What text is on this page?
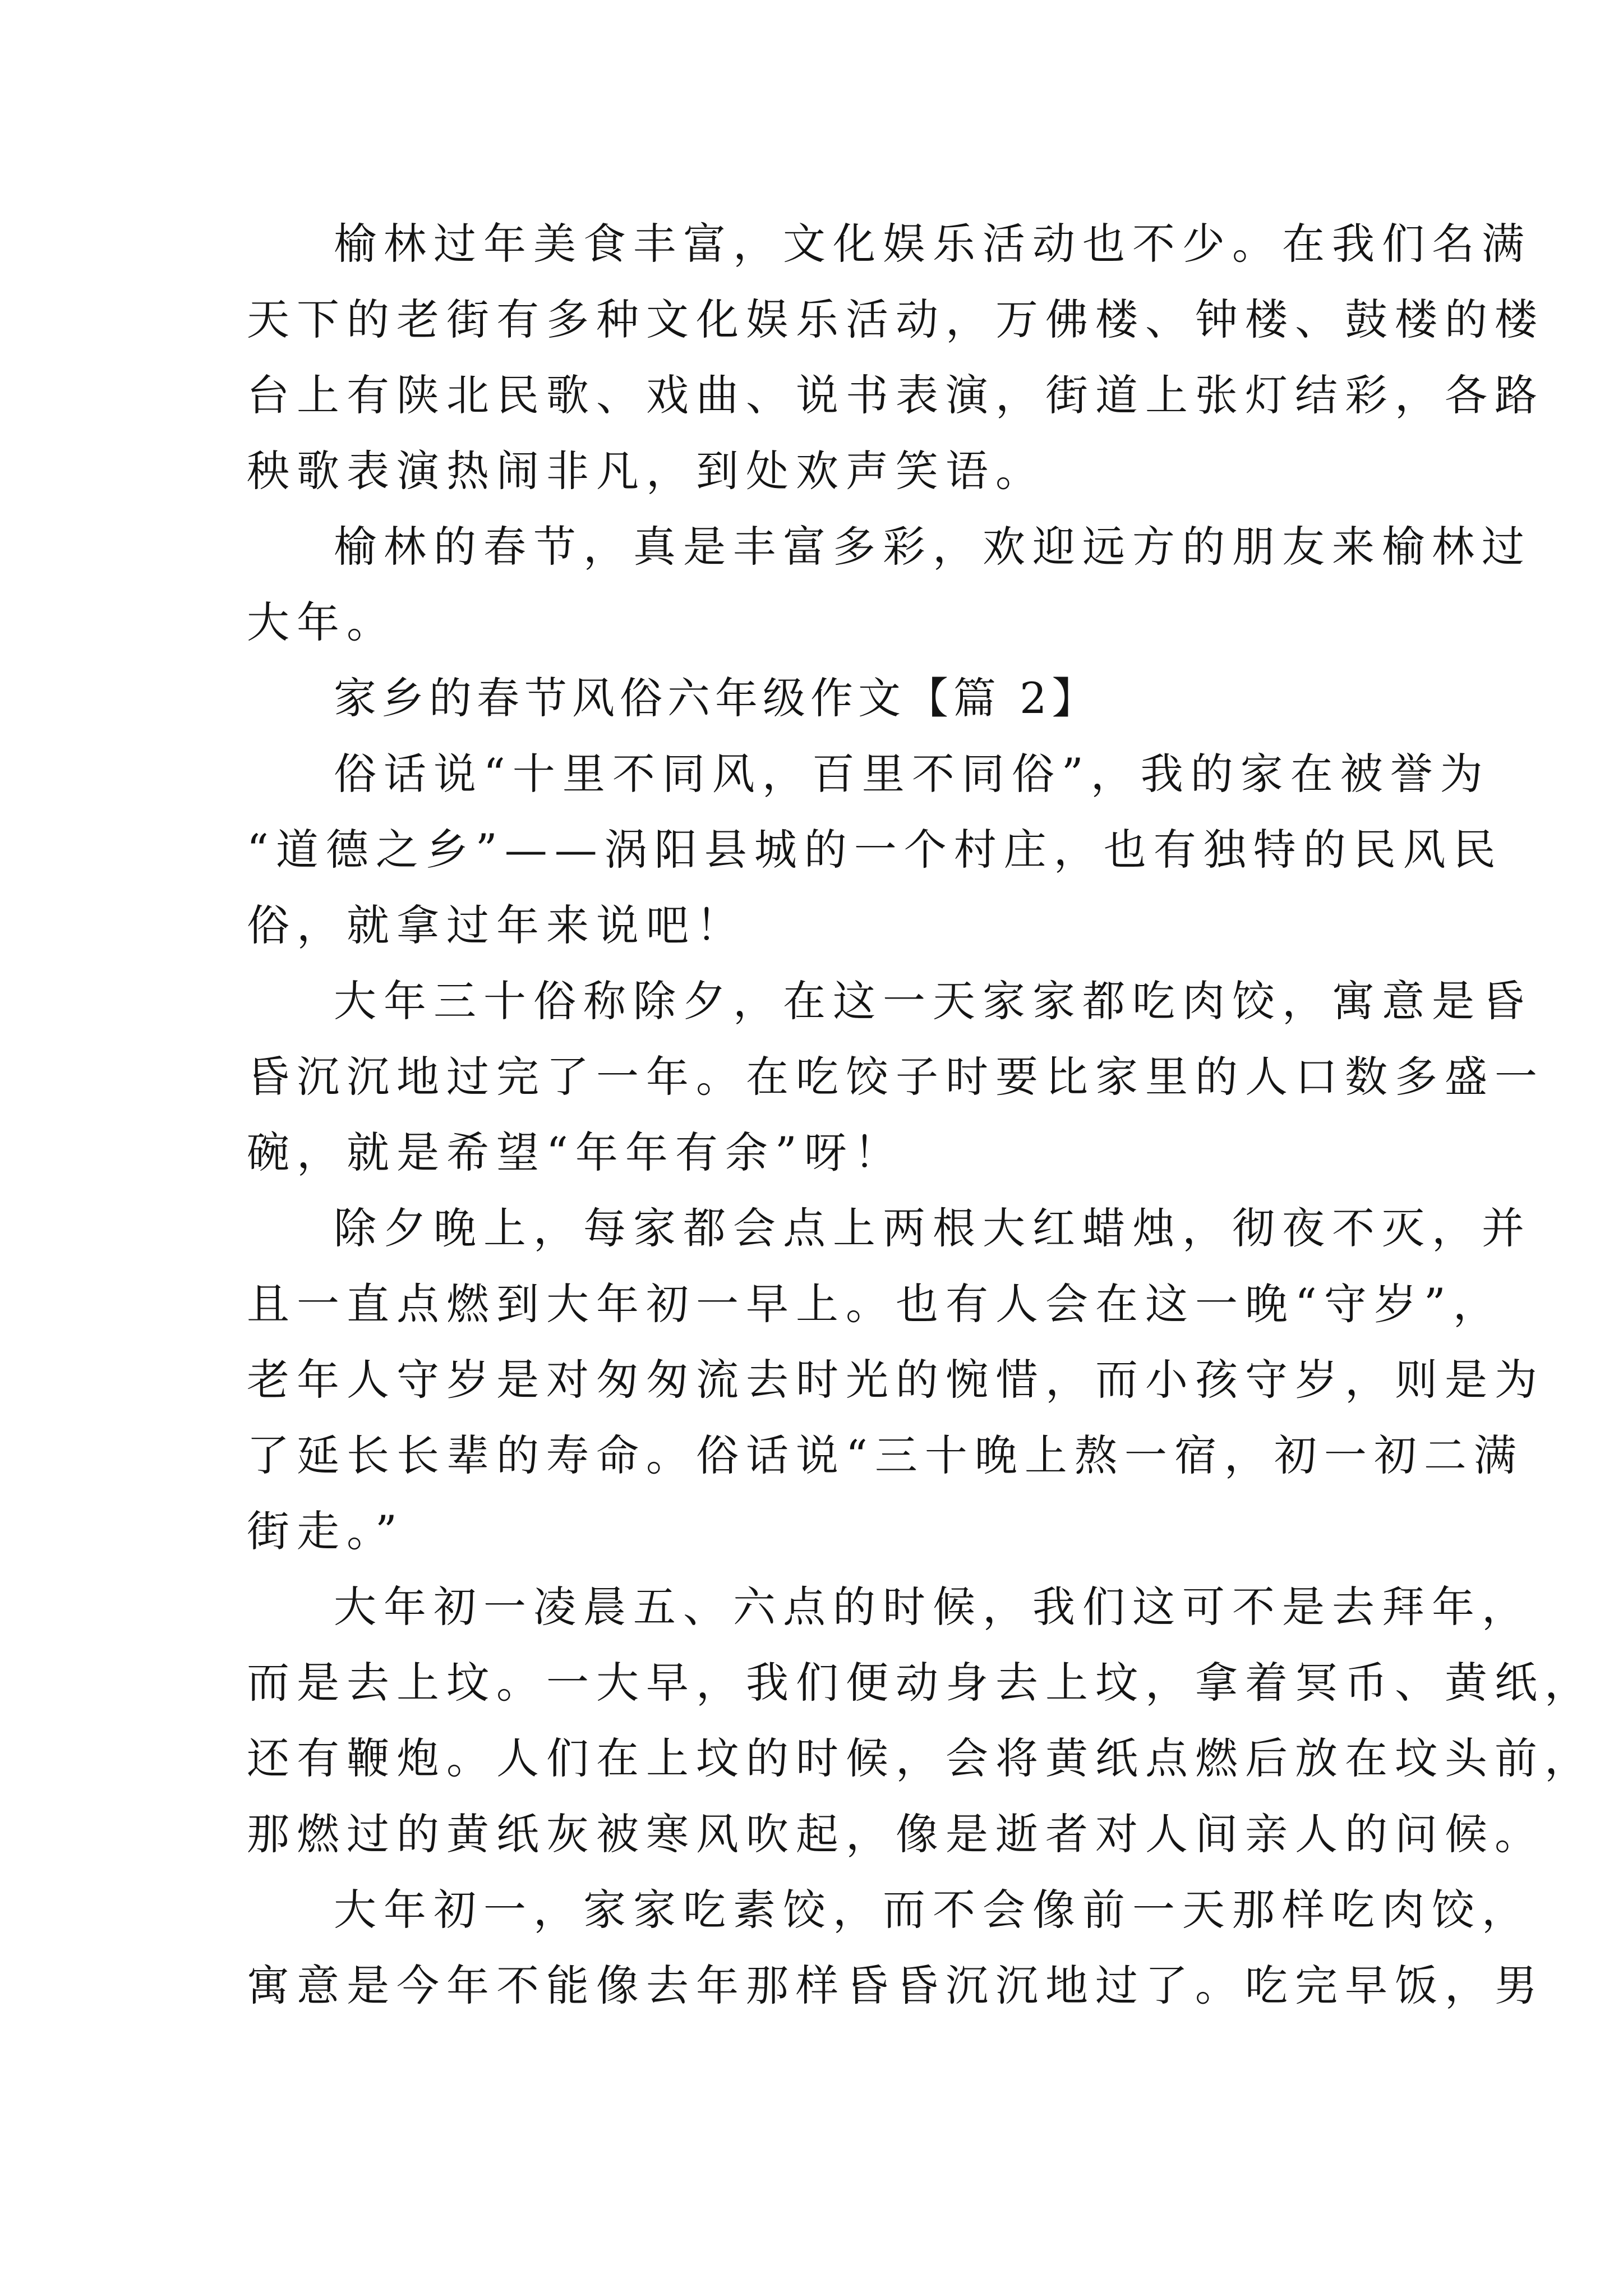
榆林过年美食丰富，文化娱乐活动也不少。在我们名满
天下的老街有多种文化娱乐活动，万佛楼、钟楼、鼓楼的楼
台上有陕北民歌、戏曲、说书表演，街道上张灯结彩，各路
秧歌表演热闹非凡，到处欢声笑语。
榆林的春节，真是丰富多彩，欢迎远方的朋友来榆林过
大年。
家乡的春节风俗六年级作文【篇 2】
俗话说“十里不同风，百里不同俗”，我的家在被誉为
“道德之乡”——涡阳县城的一个村庄，也有独特的民风民
俗，就拿过年来说吧！
大年三十俗称除夕，在这一天家家都吃肉饺，寓意是昏
昏沉沉地过完了一年。在吃饺子时要比家里的人口数多盛一
碗，就是希望“年年有余”呀！
除夕晚上，每家都会点上两根大红蜡烛，彻夜不灭，并
且一直点燃到大年初一早上。也有人会在这一晚“守岁”，
老年人守岁是对匆匆流去时光的惋惜，而小孩守岁，则是为
了延长长辈的寿命。俗话说“三十晚上熬一宿，初一初二满
街走。”
大年初一凌晨五、六点的时候，我们这可不是去拜年，
而是去上坟。一大早，我们便动身去上坟，拿着冥币、黄纸，
还有鞭炮。人们在上坟的时候，会将黄纸点燃后放在坟头前，
那燃过的黄纸灰被寒风吹起，像是逝者对人间亲人的问候。
大年初一，家家吃素饺，而不会像前一天那样吃肉饺，
寓意是今年不能像去年那样昏昏沉沉地过了。吃完早饭，男
